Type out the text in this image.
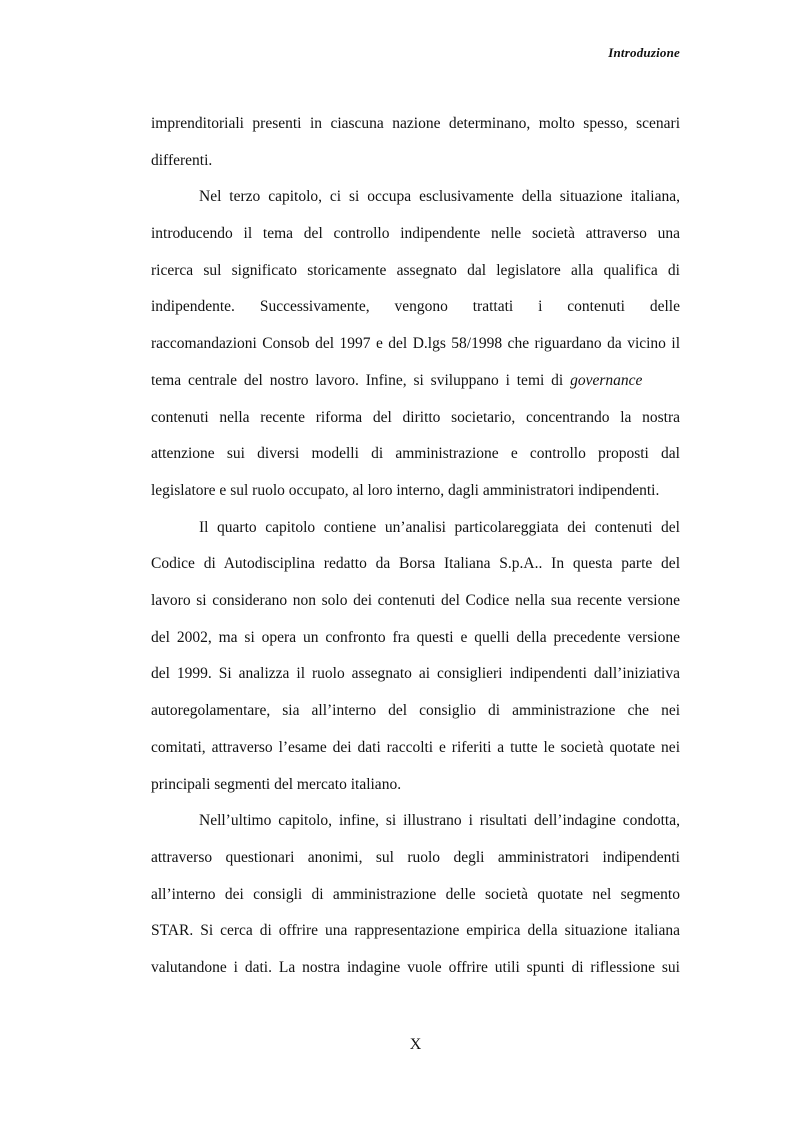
Introduzione
imprenditoriali presenti in ciascuna nazione determinano, molto spesso, scenari
differenti.
Nel terzo capitolo, ci si occupa esclusivamente della situazione italiana,
introducendo il tema del controllo indipendente nelle società attraverso una
ricerca sul significato storicamente assegnato dal legislatore alla qualifica di
indipendente. Successivamente, vengono trattati i contenuti delle
raccomandazioni Consob del 1997 e del D.lgs 58/1998 che riguardano da vicino il
tema centrale del nostro lavoro. Infine, si sviluppano i temi di governance
contenuti nella recente riforma del diritto societario, concentrando la nostra
attenzione sui diversi modelli di amministrazione e controllo proposti dal
legislatore e sul ruolo occupato, al loro interno, dagli amministratori indipendenti.
Il quarto capitolo contiene un’analisi particolareggiata dei contenuti del
Codice di Autodisciplina redatto da Borsa Italiana S.p.A.. In questa parte del
lavoro si considerano non solo dei contenuti del Codice nella sua recente versione
del 2002, ma si opera un confronto fra questi e quelli della precedente versione
del 1999. Si analizza il ruolo assegnato ai consiglieri indipendenti dall’iniziativa
autoregolamentare, sia all’interno del consiglio di amministrazione che nei
comitati, attraverso l’esame dei dati raccolti e riferiti a tutte le società quotate nei
principali segmenti del mercato italiano.
Nell’ultimo capitolo, infine, si illustrano i risultati dell’indagine condotta,
attraverso questionari anonimi, sul ruolo degli amministratori indipendenti
all’interno dei consigli di amministrazione delle società quotate nel segmento
STAR. Si cerca di offrire una rappresentazione empirica della situazione italiana
valutandone i dati. La nostra indagine vuole offrire utili spunti di riflessione sui
X
